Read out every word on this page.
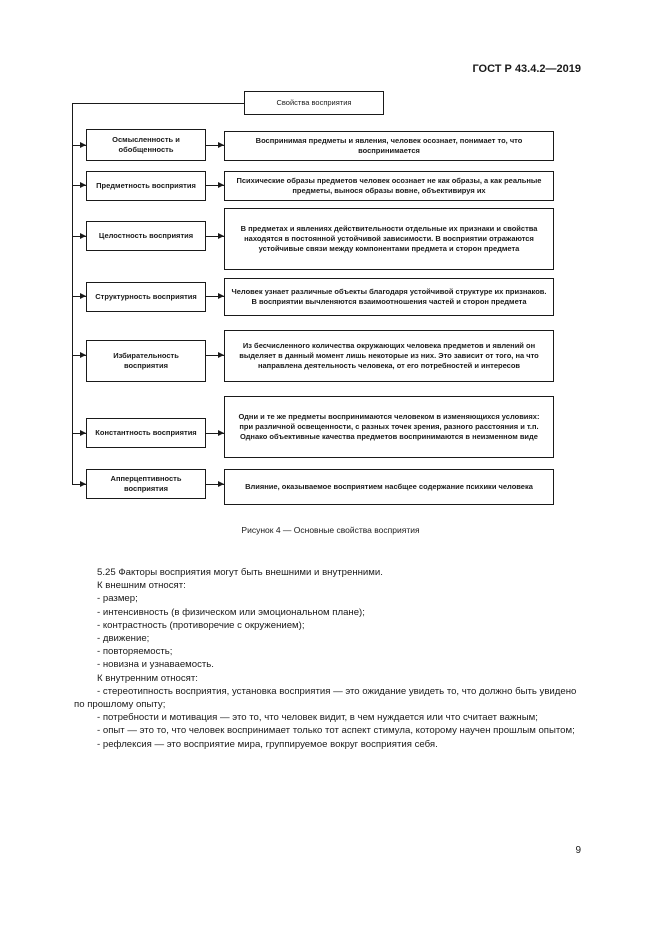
ГОСТ Р 43.4.2—2019
Свойства восприятия
Осмысленность и обобщенность
Воспринимая предметы и явления, человек осознает, понимает то, что воспринимается
Предметность восприятия
Психические образы предметов человек осознает не как образы, а как реальные предметы, вынося образы вовне, объективируя их
Целостность восприятия
В предметах и явлениях действительности отдельные их признаки и свойства находятся в постоянной устойчивой зависимости. В восприятии отражаются устойчивые связи между компонентами предмета и сторон предмета
Структурность восприятия
Человек узнает различные объекты благодаря устойчивой структуре их признаков. В восприятии вычленяются взаимоотношения частей и сторон предмета
Избирательность восприятия
Из бесчисленного количества окружающих человека предметов и явлений он выделяет в данный момент лишь некоторые из них. Это зависит от того, на что направлена деятельность человека, от его потребностей и интересов
Константность восприятия
Одни и те же предметы воспринимаются человеком в изменяющихся условиях: при различной освещенности, с разных точек зрения, разного расстояния и т.п. Однако объективные качества предметов воспринимаются в неизменном виде
Апперцептивность восприятия	Влияние, оказываемое восприятием насбщее содержание психики человека
Рисунок 4 — Основные свойства восприятия

5.25 Факторы восприятия могут быть внешними и внутренними.

К внешним относят:

- размер;

- интенсивность (в физическом или эмоциональном плане);

- контрастность (противоречие с окружением);

- движение;

- повторяемость;

- новизна и узнаваемость.

К внутренним относят:

- стереотипность восприятия, установка восприятия — это ожидание увидеть то, что должно быть увидено по прошлому опыту;

- потребности и мотивация — это то, что человек видит, в чем нуждается или что считает важным;

- опыт — это то, что человек воспринимает только тот аспект стимула, которому научен прошлым опытом;

- рефлексия — это восприятие мира, группируемое вокруг восприятия себя.

9
